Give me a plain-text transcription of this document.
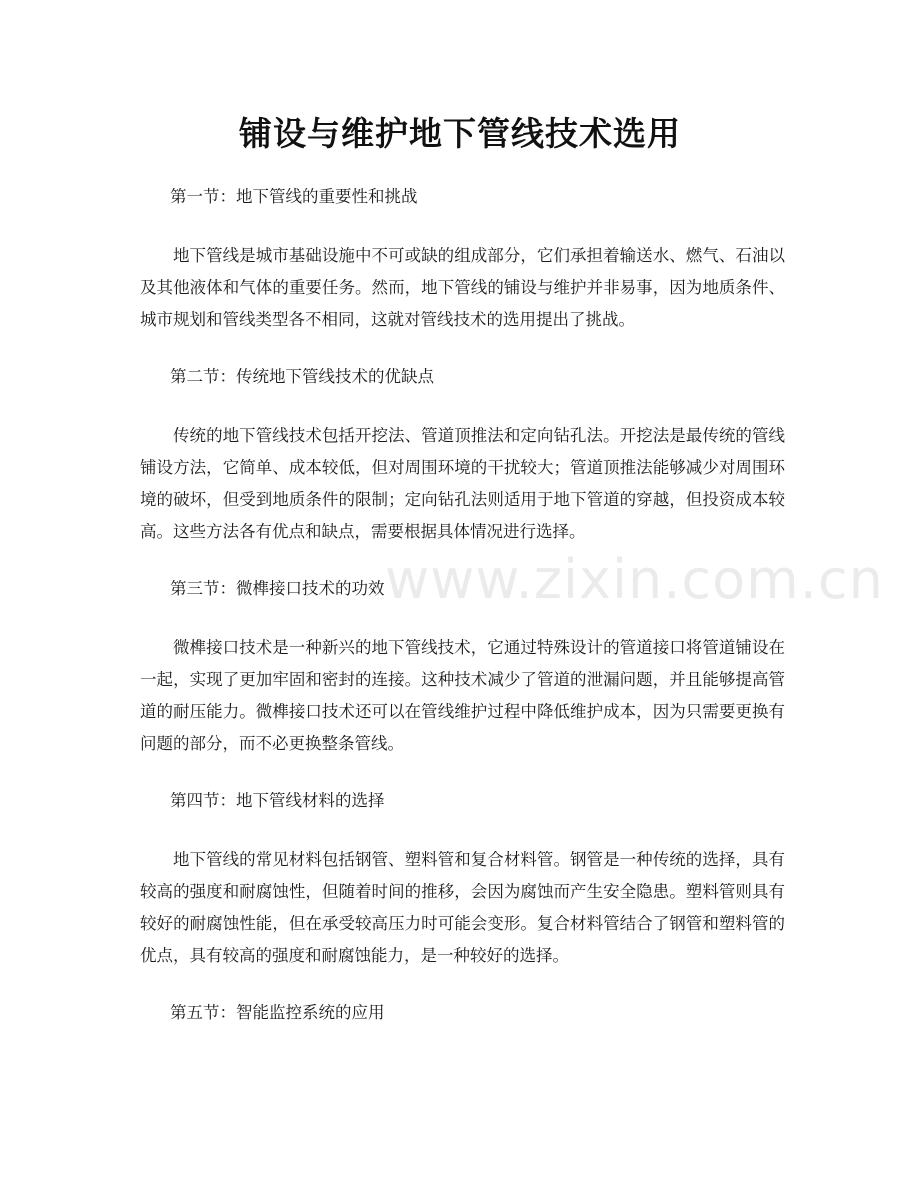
铺设与维护地下管线技术选用

第一节：地下管线的重要性和挑战

地下管线是城市基础设施中不可或缺的组成部分，它们承担着输送水、燃气、石油以及其他液体和气体的重要任务。然而，地下管线的铺设与维护并非易事，因为地质条件、城市规划和管线类型各不相同，这就对管线技术的选用提出了挑战。

第二节：传统地下管线技术的优缺点

传统的地下管线技术包括开挖法、管道顶推法和定向钻孔法。开挖法是最传统的管线铺设方法，它简单、成本较低，但对周围环境的干扰较大；管道顶推法能够减少对周围环境的破坏，但受到地质条件的限制；定向钻孔法则适用于地下管道的穿越，但投资成本较高。这些方法各有优点和缺点，需要根据具体情况进行选择。

第三节：微榫接口技术的功效

微榫接口技术是一种新兴的地下管线技术，它通过特殊设计的管道接口将管道铺设在一起，实现了更加牢固和密封的连接。这种技术减少了管道的泄漏问题，并且能够提高管道的耐压能力。微榫接口技术还可以在管线维护过程中降低维护成本，因为只需要更换有问题的部分，而不必更换整条管线。

第四节：地下管线材料的选择

地下管线的常见材料包括钢管、塑料管和复合材料管。钢管是一种传统的选择，具有较高的强度和耐腐蚀性，但随着时间的推移，会因为腐蚀而产生安全隐患。塑料管则具有较好的耐腐蚀性能，但在承受较高压力时可能会变形。复合材料管结合了钢管和塑料管的优点，具有较高的强度和耐腐蚀能力，是一种较好的选择。

第五节：智能监控系统的应用

www.zixin.com.cn
